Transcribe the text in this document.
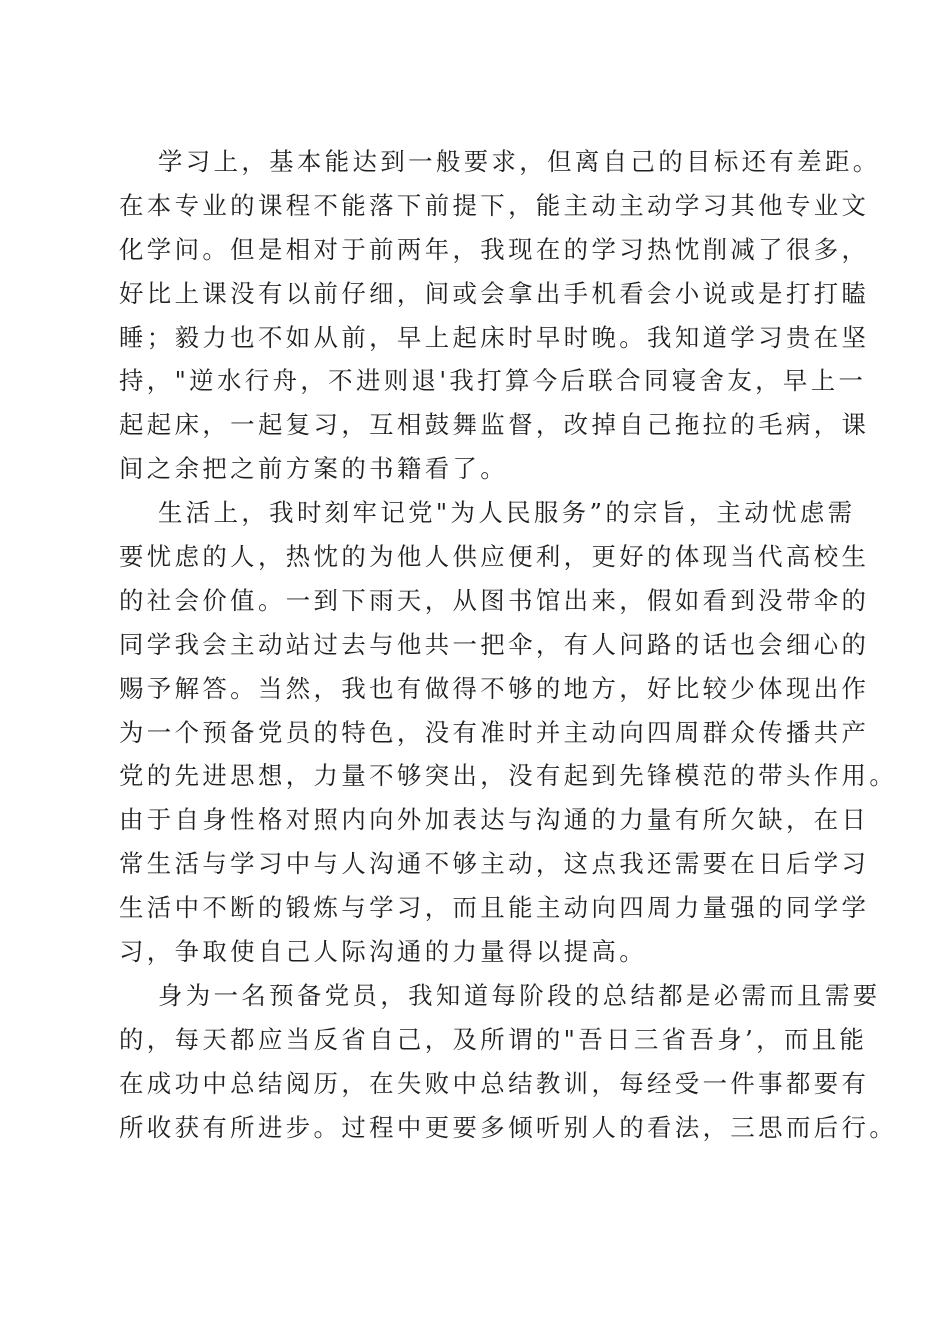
学习上，基本能达到一般要求，但离自己的目标还有差距。
在本专业的课程不能落下前提下，能主动主动学习其他专业文
化学问。但是相对于前两年，我现在的学习热忱削减了很多，
好比上课没有以前仔细，间或会拿出手机看会小说或是打打瞌
睡；毅力也不如从前，早上起床时早时晚。我知道学习贵在坚
持，"逆水行舟，不进则退'我打算今后联合同寝舍友，早上一
起起床，一起复习，互相鼓舞监督，改掉自己拖拉的毛病，课
间之余把之前方案的书籍看了。

生活上，我时刻牢记党"为人民服务”的宗旨，主动忧虑需
要忧虑的人，热忱的为他人供应便利，更好的体现当代高校生
的社会价值。一到下雨天，从图书馆出来，假如看到没带伞的
同学我会主动站过去与他共一把伞，有人问路的话也会细心的
赐予解答。当然，我也有做得不够的地方，好比较少体现出作
为一个预备党员的特色，没有准时并主动向四周群众传播共产
党的先进思想，力量不够突出，没有起到先锋模范的带头作用。
由于自身性格对照内向外加表达与沟通的力量有所欠缺，在日
常生活与学习中与人沟通不够主动，这点我还需要在日后学习
生活中不断的锻炼与学习，而且能主动向四周力量强的同学学
习，争取使自己人际沟通的力量得以提高。

身为一名预备党员，我知道每阶段的总结都是必需而且需要
的，每天都应当反省自己，及所谓的"吾日三省吾身’，而且能
在成功中总结阅历，在失败中总结教训，每经受一件事都要有
所收获有所进步。过程中更要多倾听别人的看法，三思而后行。
